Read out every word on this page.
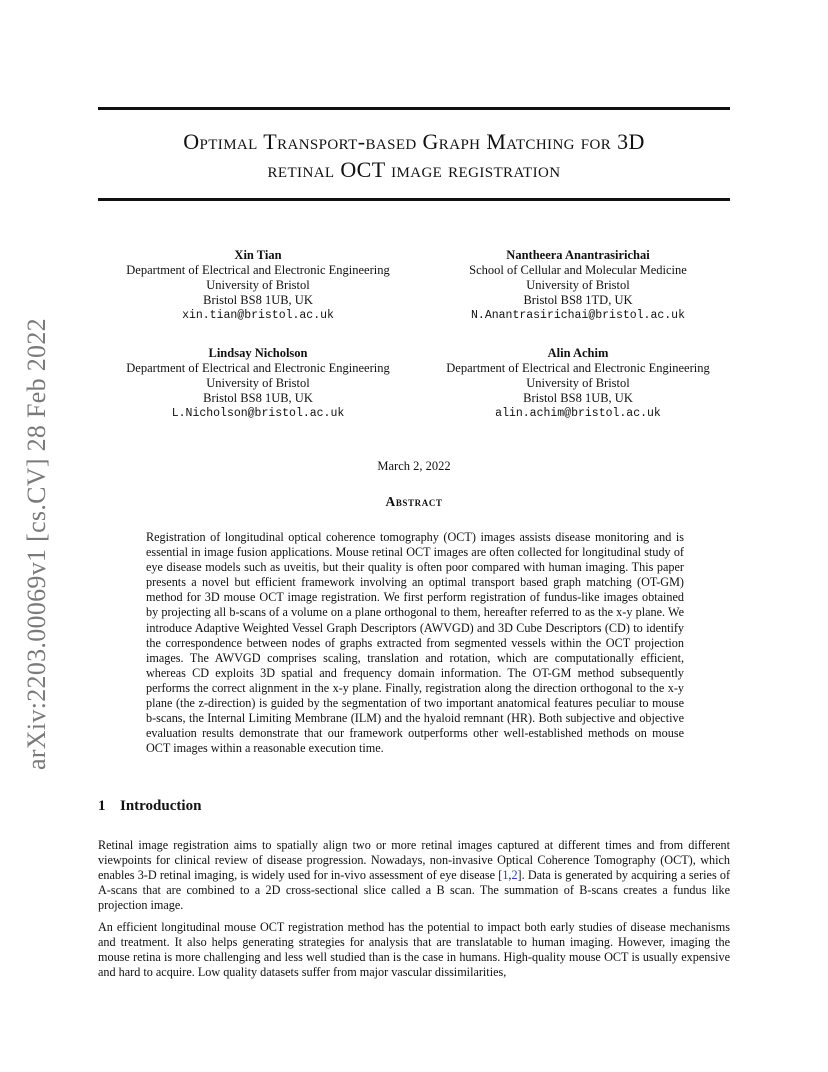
arXiv:2203.00069v1 [cs.CV] 28 Feb 2022
Optimal Transport-based Graph Matching for 3D
retinal OCT image registration
Xin Tian
Department of Electrical and Electronic Engineering
University of Bristol
Bristol BS8 1UB, UK
xin.tian@bristol.ac.uk
Nantheera Anantrasirichai
School of Cellular and Molecular Medicine
University of Bristol
Bristol BS8 1TD, UK
N.Anantrasirichai@bristol.ac.uk
Lindsay Nicholson
Department of Electrical and Electronic Engineering
University of Bristol
Bristol BS8 1UB, UK
L.Nicholson@bristol.ac.uk
Alin Achim
Department of Electrical and Electronic Engineering
University of Bristol
Bristol BS8 1UB, UK
alin.achim@bristol.ac.uk
March 2, 2022
Abstract
Registration of longitudinal optical coherence tomography (OCT) images assists disease monitoring and is essential in image fusion applications. Mouse retinal OCT images are often collected for longitudinal study of eye disease models such as uveitis, but their quality is often poor compared with human imaging. This paper presents a novel but efficient framework involving an optimal transport based graph matching (OT-GM) method for 3D mouse OCT image registration. We first perform registration of fundus-like images obtained by projecting all b-scans of a volume on a plane orthogonal to them, hereafter referred to as the x-y plane. We introduce Adaptive Weighted Vessel Graph Descriptors (AWVGD) and 3D Cube Descriptors (CD) to identify the correspondence between nodes of graphs extracted from segmented vessels within the OCT projection images. The AWVGD comprises scaling, translation and rotation, which are computationally efficient, whereas CD exploits 3D spatial and frequency domain information. The OT-GM method subsequently performs the correct alignment in the x-y plane. Finally, registration along the direction orthogonal to the x-y plane (the z-direction) is guided by the segmentation of two important anatomical features peculiar to mouse b-scans, the Internal Limiting Membrane (ILM) and the hyaloid remnant (HR). Both subjective and objective evaluation results demonstrate that our framework outperforms other well-established methods on mouse OCT images within a reasonable execution time.
1 Introduction
Retinal image registration aims to spatially align two or more retinal images captured at different times and from different viewpoints for clinical review of disease progression. Nowadays, non-invasive Optical Coherence Tomography (OCT), which enables 3-D retinal imaging, is widely used for in-vivo assessment of eye disease [1,2]. Data is generated by acquiring a series of A-scans that are combined to a 2D cross-sectional slice called a B scan. The summation of B-scans creates a fundus like projection image.
An efficient longitudinal mouse OCT registration method has the potential to impact both early studies of disease mechanisms and treatment. It also helps generating strategies for analysis that are translatable to human imaging. However, imaging the mouse retina is more challenging and less well studied than is the case in humans. High-quality mouse OCT is usually expensive and hard to acquire. Low quality datasets suffer from major vascular dissimilarities,
